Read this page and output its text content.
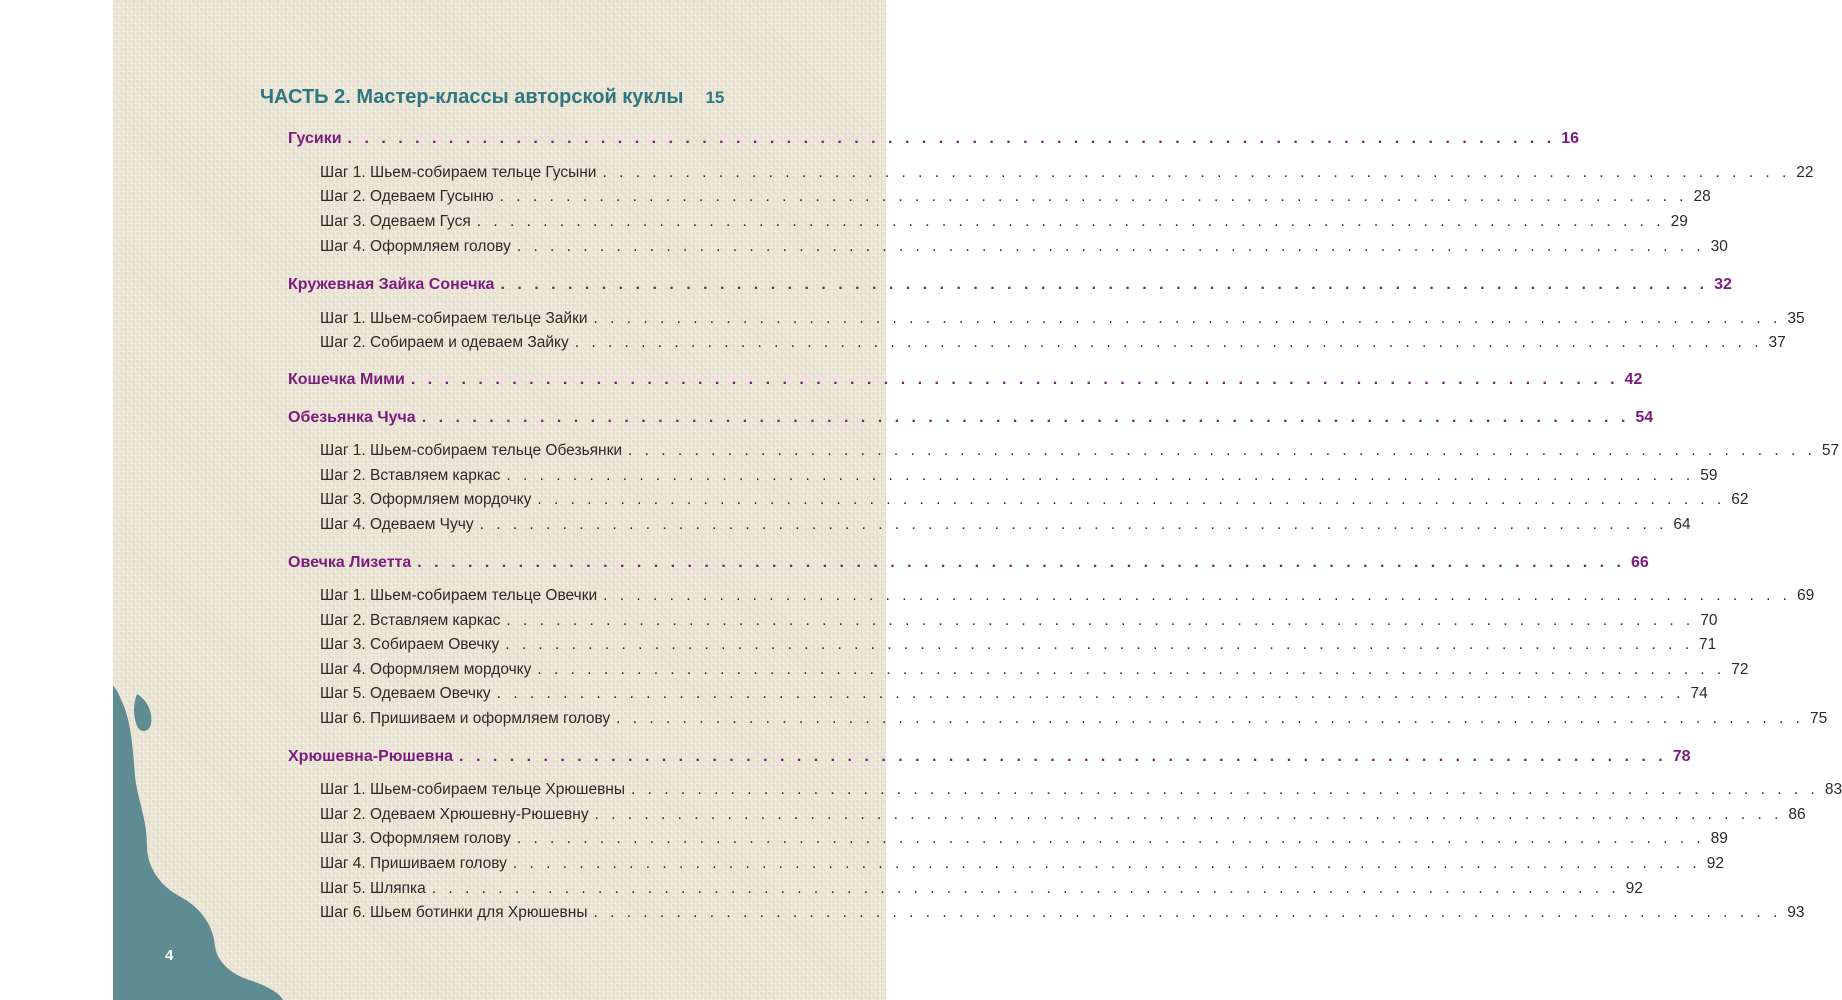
4
ЧАСТЬ 2. Мастер-классы авторской куклы 15
Гусики . . . . . . . . . . . . . . . . . . . . . . . . . . . . . . . . . . . . . . . . . . . . . . . . . . . . . . . . . . . . . . . . . . . . . . . . 16
Шаг 1. Шьем-собираем тельце Гусыни . . . . . . . . . . . . . . . . . . . . . . . . . . . . . . . . . . . . . . . . . . . . . . . . . . . . . . . . . . . . . . . . . . . . . . . . 22
Шаг 2. Одеваем Гусыню . . . . . . . . . . . . . . . . . . . . . . . . . . . . . . . . . . . . . . . . . . . . . . . . . . . . . . . . . . . . . . . . . . . . . . . . 28
Шаг 3. Одеваем Гуся . . . . . . . . . . . . . . . . . . . . . . . . . . . . . . . . . . . . . . . . . . . . . . . . . . . . . . . . . . . . . . . . . . . . . . . . 29
Шаг 4. Оформляем голову . . . . . . . . . . . . . . . . . . . . . . . . . . . . . . . . . . . . . . . . . . . . . . . . . . . . . . . . . . . . . . . . . . . . . . . . 30
Кружевная Зайка Сонечка . . . . . . . . . . . . . . . . . . . . . . . . . . . . . . . . . . . . . . . . . . . . . . . . . . . . . . . . . . . . . . . . . . . . . . . . 32
Шаг 1. Шьем-собираем тельце Зайки . . . . . . . . . . . . . . . . . . . . . . . . . . . . . . . . . . . . . . . . . . . . . . . . . . . . . . . . . . . . . . . . . . . . . . . . 35
Шаг 2. Собираем и одеваем Зайку . . . . . . . . . . . . . . . . . . . . . . . . . . . . . . . . . . . . . . . . . . . . . . . . . . . . . . . . . . . . . . . . . . . . . . . . 37
Кошечка Мими . . . . . . . . . . . . . . . . . . . . . . . . . . . . . . . . . . . . . . . . . . . . . . . . . . . . . . . . . . . . . . . . . . . . . . . . 42
Обезьянка Чуча . . . . . . . . . . . . . . . . . . . . . . . . . . . . . . . . . . . . . . . . . . . . . . . . . . . . . . . . . . . . . . . . . . . . . . . . 54
Шаг 1. Шьем-собираем тельце Обезьянки . . . . . . . . . . . . . . . . . . . . . . . . . . . . . . . . . . . . . . . . . . . . . . . . . . . . . . . . . . . . . . . . . . . . . . . . 57
Шаг 2. Вставляем каркас . . . . . . . . . . . . . . . . . . . . . . . . . . . . . . . . . . . . . . . . . . . . . . . . . . . . . . . . . . . . . . . . . . . . . . . . 59
Шаг 3. Оформляем мордочку . . . . . . . . . . . . . . . . . . . . . . . . . . . . . . . . . . . . . . . . . . . . . . . . . . . . . . . . . . . . . . . . . . . . . . . . 62
Шаг 4. Одеваем Чучу . . . . . . . . . . . . . . . . . . . . . . . . . . . . . . . . . . . . . . . . . . . . . . . . . . . . . . . . . . . . . . . . . . . . . . . . 64
Овечка Лизетта . . . . . . . . . . . . . . . . . . . . . . . . . . . . . . . . . . . . . . . . . . . . . . . . . . . . . . . . . . . . . . . . . . . . . . . . 66
Шаг 1. Шьем-собираем тельце Овечки . . . . . . . . . . . . . . . . . . . . . . . . . . . . . . . . . . . . . . . . . . . . . . . . . . . . . . . . . . . . . . . . . . . . . . . . 69
Шаг 2. Вставляем каркас . . . . . . . . . . . . . . . . . . . . . . . . . . . . . . . . . . . . . . . . . . . . . . . . . . . . . . . . . . . . . . . . . . . . . . . . 70
Шаг 3. Собираем Овечку . . . . . . . . . . . . . . . . . . . . . . . . . . . . . . . . . . . . . . . . . . . . . . . . . . . . . . . . . . . . . . . . . . . . . . . . 71
Шаг 4. Оформляем мордочку . . . . . . . . . . . . . . . . . . . . . . . . . . . . . . . . . . . . . . . . . . . . . . . . . . . . . . . . . . . . . . . . . . . . . . . . 72
Шаг 5. Одеваем Овечку . . . . . . . . . . . . . . . . . . . . . . . . . . . . . . . . . . . . . . . . . . . . . . . . . . . . . . . . . . . . . . . . . . . . . . . . 74
Шаг 6. Пришиваем и оформляем голову . . . . . . . . . . . . . . . . . . . . . . . . . . . . . . . . . . . . . . . . . . . . . . . . . . . . . . . . . . . . . . . . . . . . . . . . 75
Хрюшевна-Рюшевна . . . . . . . . . . . . . . . . . . . . . . . . . . . . . . . . . . . . . . . . . . . . . . . . . . . . . . . . . . . . . . . . . . . . . . . . 78
Шаг 1. Шьем-собираем тельце Хрюшевны . . . . . . . . . . . . . . . . . . . . . . . . . . . . . . . . . . . . . . . . . . . . . . . . . . . . . . . . . . . . . . . . . . . . . . . . 83
Шаг 2. Одеваем Хрюшевну-Рюшевну . . . . . . . . . . . . . . . . . . . . . . . . . . . . . . . . . . . . . . . . . . . . . . . . . . . . . . . . . . . . . . . . . . . . . . . . 86
Шаг 3. Оформляем голову . . . . . . . . . . . . . . . . . . . . . . . . . . . . . . . . . . . . . . . . . . . . . . . . . . . . . . . . . . . . . . . . . . . . . . . . 89
Шаг 4. Пришиваем голову . . . . . . . . . . . . . . . . . . . . . . . . . . . . . . . . . . . . . . . . . . . . . . . . . . . . . . . . . . . . . . . . . . . . . . . . 92
Шаг 5. Шляпка . . . . . . . . . . . . . . . . . . . . . . . . . . . . . . . . . . . . . . . . . . . . . . . . . . . . . . . . . . . . . . . . . . . . . . . . 92
Шаг 6. Шьем ботинки для Хрюшевны . . . . . . . . . . . . . . . . . . . . . . . . . . . . . . . . . . . . . . . . . . . . . . . . . . . . . . . . . . . . . . . . . . . . . . . . 93
